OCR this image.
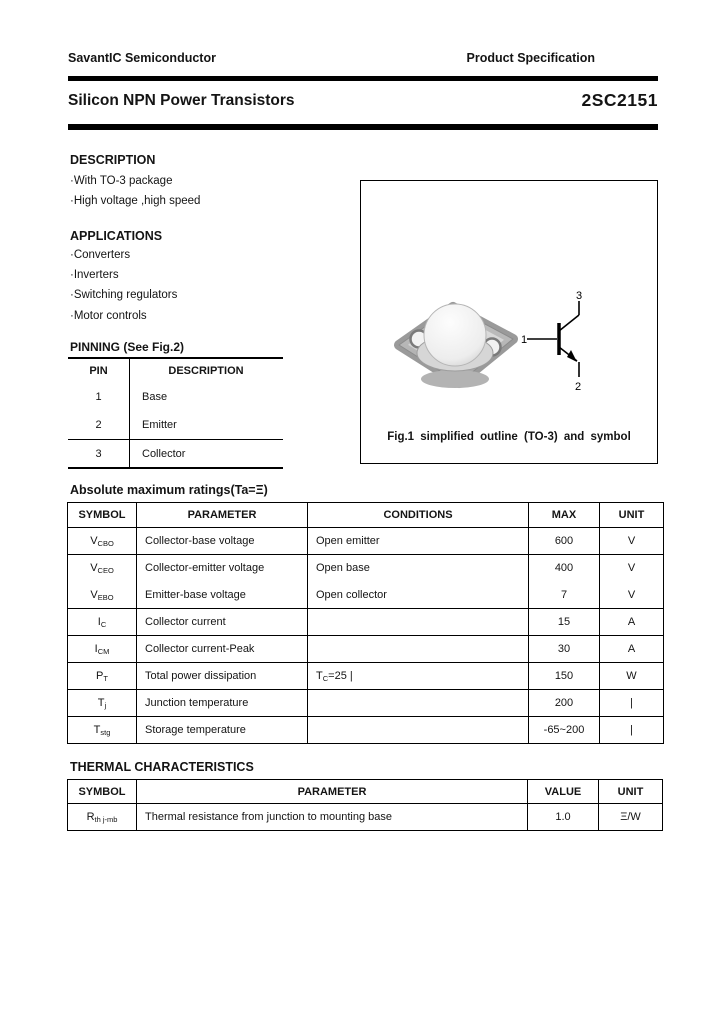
SavantIC Semiconductor	Product Specification
Silicon NPN Power Transistors	2SC2151
DESCRIPTION
·With TO-3 package
·High voltage ,high speed
APPLICATIONS
·Converters
·Inverters
·Switching regulators
·Motor controls
PINNING (See Fig.2)
PIN	DESCRIPTION
1	Base
2	Emitter
3	Collector
1
3
2
Fig.1 simplified outline (TO-3) and symbol
Absolute maximum ratings(Ta=Ξ)
SYMBOL	PARAMETER	CONDITIONS	MAX	UNIT
$V_{CBO}$	Collector-base voltage	Open emitter	600	V
$V_{CEO}$	Collector-emitter voltage	Open base	400	V
$V_{EBO}$	Emitter-base voltage	Open collector	7	V
$I_C$	Collector current		15	A
$I_{CM}$	Collector current-Peak		30	A
$P_T$	Total power dissipation	$T_C=25$ |	150	W
$T_j$	Junction temperature		200	|
$T_{stg}$	Storage temperature		-65~200	|
THERMAL CHARACTERISTICS
SYMBOL	PARAMETER	VALUE	UNIT
$R_{th j-mb}$	Thermal resistance from junction to mounting base	1.0	Ξ/W
